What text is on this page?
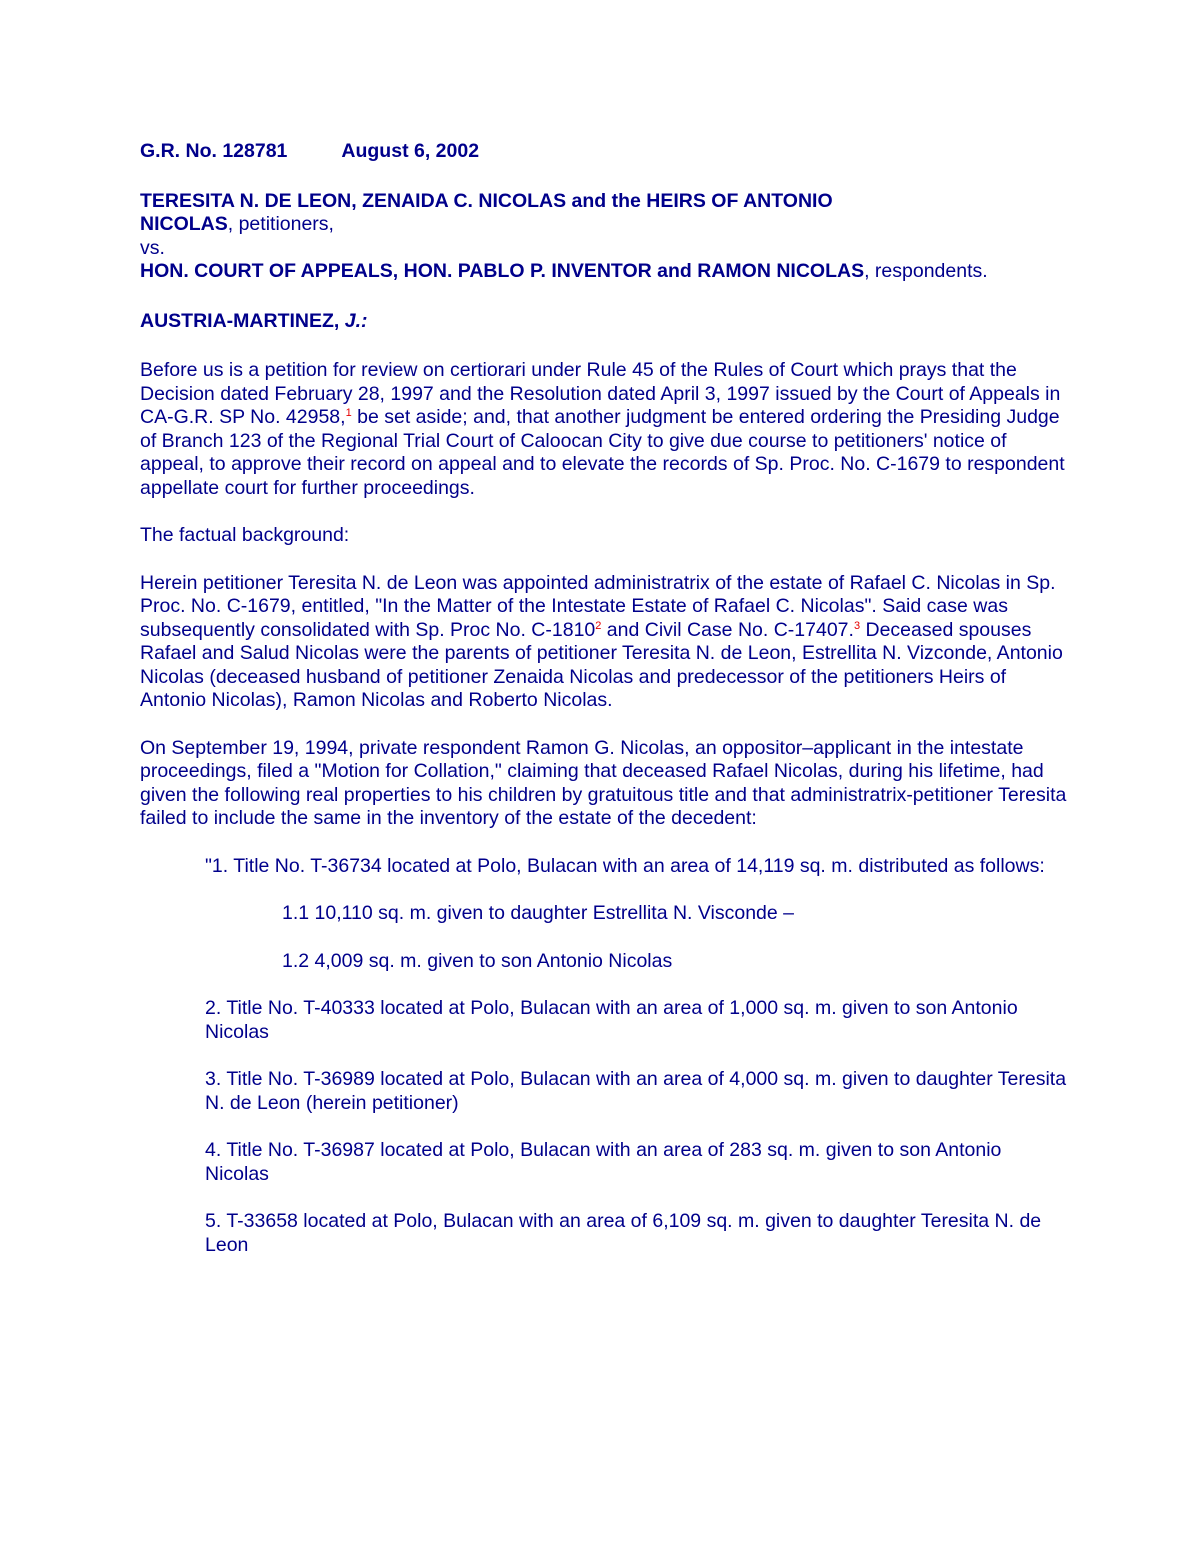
G.R. No. 128781	August 6, 2002
TERESITA N. DE LEON, ZENAIDA C. NICOLAS and the HEIRS OF ANTONIO NICOLAS, petitioners,
vs.
HON. COURT OF APPEALS, HON. PABLO P. INVENTOR and RAMON NICOLAS, respondents.
AUSTRIA-MARTINEZ, J.:

Before us is a petition for review on certiorari under Rule 45 of the Rules of Court which prays that the Decision dated February 28, 1997 and the Resolution dated April 3, 1997 issued by the Court of Appeals in CA-G.R. SP No. 42958,$^1$ be set aside; and, that another judgment be entered ordering the Presiding Judge of Branch 123 of the Regional Trial Court of Caloocan City to give due course to petitioners' notice of appeal, to approve their record on appeal and to elevate the records of Sp. Proc. No. C-1679 to respondent appellate court for further proceedings.

The factual background:

Herein petitioner Teresita N. de Leon was appointed administratrix of the estate of Rafael C. Nicolas in Sp. Proc. No. C-1679, entitled, "In the Matter of the Intestate Estate of Rafael C. Nicolas". Said case was subsequently consolidated with Sp. Proc No. C-1810$^2$ and Civil Case No. C-17407.$^3$ Deceased spouses Rafael and Salud Nicolas were the parents of petitioner Teresita N. de Leon, Estrellita N. Vizconde, Antonio Nicolas (deceased husband of petitioner Zenaida Nicolas and predecessor of the petitioners Heirs of Antonio Nicolas), Ramon Nicolas and Roberto Nicolas.

On September 19, 1994, private respondent Ramon G. Nicolas, an oppositor–applicant in the intestate proceedings, filed a "Motion for Collation," claiming that deceased Rafael Nicolas, during his lifetime, had given the following real properties to his children by gratuitous title and that administratrix-petitioner Teresita failed to include the same in the inventory of the estate of the decedent:

"1. Title No. T-36734 located at Polo, Bulacan with an area of 14,119 sq. m. distributed as follows:

1.1 10,110 sq. m. given to daughter Estrellita N. Visconde –

1.2 4,009 sq. m. given to son Antonio Nicolas

2. Title No. T-40333 located at Polo, Bulacan with an area of 1,000 sq. m. given to son Antonio Nicolas

3. Title No. T-36989 located at Polo, Bulacan with an area of 4,000 sq. m. given to daughter Teresita N. de Leon (herein petitioner)

4. Title No. T-36987 located at Polo, Bulacan with an area of 283 sq. m. given to son Antonio Nicolas

5. T-33658 located at Polo, Bulacan with an area of 6,109 sq. m. given to daughter Teresita N. de Leon
